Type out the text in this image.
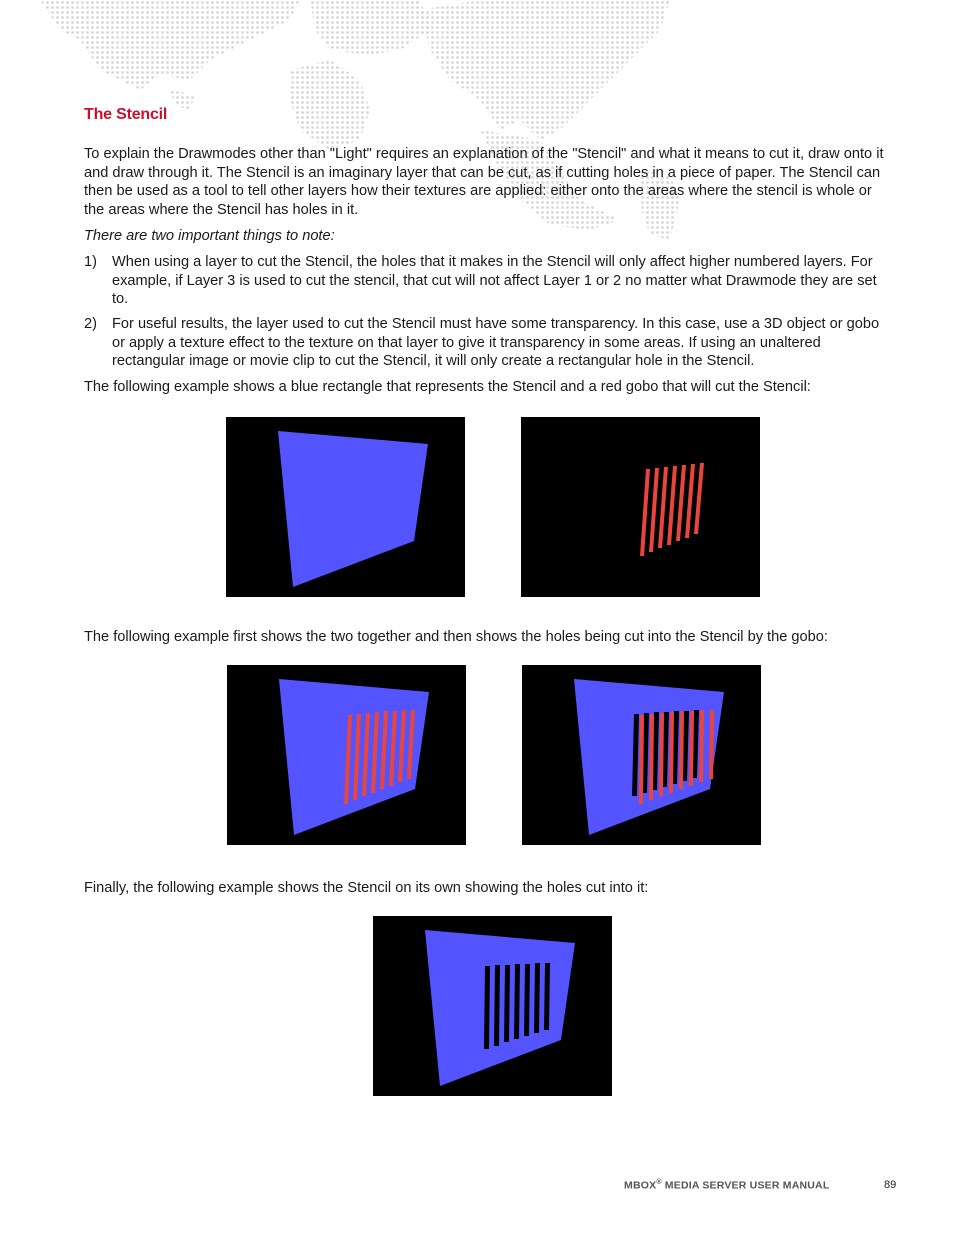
The Stencil

To explain the Drawmodes other than "Light" requires an explanation of the "Stencil" and what it means to cut it, draw onto it and draw through it. The Stencil is an imaginary layer that can be cut, as if cutting holes in a piece of paper. The Stencil can then be used as a tool to tell other layers how their textures are applied: either onto the areas where the stencil is whole or the areas where the Stencil has holes in it.

There are two important things to note:

1) When using a layer to cut the Stencil, the holes that it makes in the Stencil will only affect higher numbered layers. For example, if Layer 3 is used to cut the stencil, that cut will not affect Layer 1 or 2 no matter what Drawmode they are set to.
2) For useful results, the layer used to cut the Stencil must have some transparency. In this case, use a 3D object or gobo or apply a texture effect to the texture on that layer to give it transparency in some areas. If using an unaltered rectangular image or movie clip to cut the Stencil, it will only create a rectangular hole in the Stencil.

The following example shows a blue rectangle that represents the Stencil and a red gobo that will cut the Stencil:

The following example first shows the two together and then shows the holes being cut into the Stencil by the gobo:

Finally, the following example shows the Stencil on its own showing the holes cut into it:

MBOX® MEDIA SERVER USER MANUAL	89
